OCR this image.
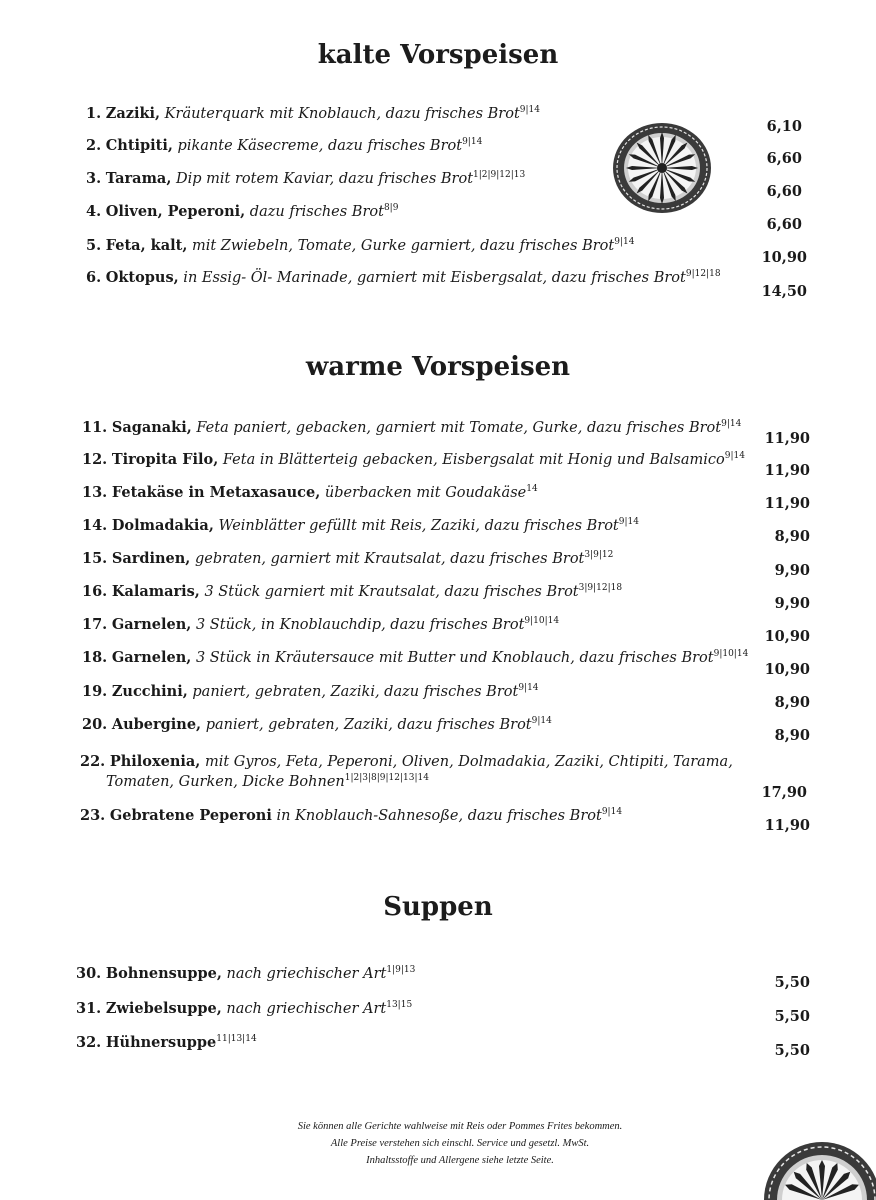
kalte Vorspeisen
1. Zaziki, Kräuterquark mit Knoblauch, dazu frisches Brot$^{9|14}$
6,10
2. Chtipiti, pikante Käsecreme, dazu frisches Brot$^{9|14}$
6,60
3. Tarama, Dip mit rotem Kaviar, dazu frisches Brot$^{1|2|9|12|13}$
6,60
4. Oliven, Peperoni, dazu frisches Brot$^{8|9}$
6,60
5. Feta, kalt, mit Zwiebeln, Tomate, Gurke garniert, dazu frisches Brot$^{9|14}$
10,90
6. Oktopus, in Essig- Öl- Marinade, garniert mit Eisbergsalat, dazu frisches Brot$^{9|12|18}$
14,50
warme Vorspeisen
11. Saganaki, Feta paniert, gebacken, garniert mit Tomate, Gurke, dazu frisches Brot$^{9|14}$
11,90
12. Tiropita Filo, Feta in Blätterteig gebacken, Eisbergsalat mit Honig und Balsamico$^{9|14}$
11,90
13. Fetakäse in Metaxasauce, überbacken mit Goudakäse$^{14}$
11,90
14. Dolmadakia, Weinblätter gefüllt mit Reis, Zaziki, dazu frisches Brot$^{9|14}$
8,90
15. Sardinen, gebraten, garniert mit Krautsalat, dazu frisches Brot$^{3|9|12}$
9,90
16. Kalamaris, 3 Stück garniert mit Krautsalat, dazu frisches Brot$^{3|9|12|18}$
9,90
17. Garnelen, 3 Stück, in Knoblauchdip, dazu frisches Brot$^{9|10|14}$
10,90
18. Garnelen, 3 Stück in Kräutersauce mit Butter und Knoblauch, dazu frisches Brot$^{9|10|14}$
10,90
19. Zucchini, paniert, gebraten, Zaziki, dazu frisches Brot$^{9|14}$
8,90
20. Aubergine, paniert, gebraten, Zaziki, dazu frisches Brot$^{9|14}$
8,90
22. Philoxenia, mit Gyros, Feta, Peperoni, Oliven, Dolmadakia, Zaziki, Chtipiti, Tarama,
Tomaten, Gurken, Dicke Bohnen$^{1|2|3|8|9|12|13|14}$
17,90
23. Gebratene Peperoni in Knoblauch-Sahnesoße, dazu frisches Brot$^{9|14}$
11,90
Suppen
30. Bohnensuppe, nach griechischer Art$^{1|9|13}$
5,50
31. Zwiebelsuppe, nach griechischer Art$^{13|15}$
5,50
32. Hühnersuppe$^{11|13|14}$
5,50
Sie können alle Gerichte wahlweise mit Reis oder Pommes Frites bekommen.
Alle Preise verstehen sich einschl. Service und gesetzl. MwSt.
Inhaltsstoffe und Allergene siehe letzte Seite.
